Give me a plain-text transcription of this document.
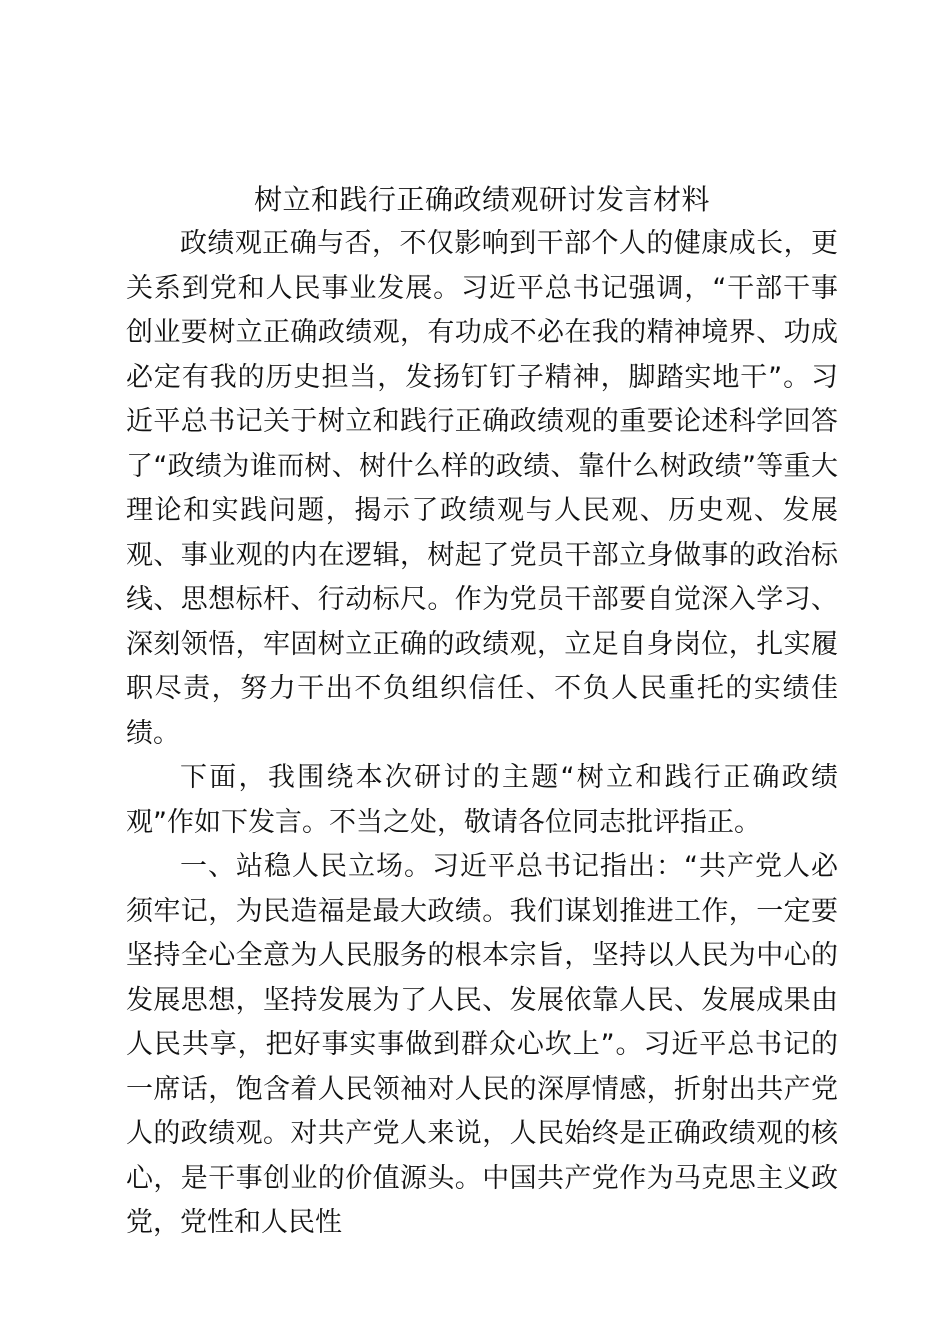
树立和践行正确政绩观研讨发言材料

政绩观正确与否，不仅影响到干部个人的健康成长，更关系到党和人民事业发展。习近平总书记强调，“干部干事创业要树立正确政绩观，有功成不必在我的精神境界、功成必定有我的历史担当，发扬钉钉子精神，脚踏实地干”。习近平总书记关于树立和践行正确政绩观的重要论述科学回答了“政绩为谁而树、树什么样的政绩、靠什么树政绩”等重大理论和实践问题，揭示了政绩观与人民观、历史观、发展观、事业观的内在逻辑，树起了党员干部立身做事的政治标线、思想标杆、行动标尺。作为党员干部要自觉深入学习、深刻领悟，牢固树立正确的政绩观，立足自身岗位，扎实履职尽责，努力干出不负组织信任、不负人民重托的实绩佳绩。

下面，我围绕本次研讨的主题“树立和践行正确政绩观”作如下发言。不当之处，敬请各位同志批评指正。

一、站稳人民立场。习近平总书记指出：“共产党人必须牢记，为民造福是最大政绩。我们谋划推进工作，一定要坚持全心全意为人民服务的根本宗旨，坚持以人民为中心的发展思想，坚持发展为了人民、发展依靠人民、发展成果由人民共享，把好事实事做到群众心坎上”。习近平总书记的一席话，饱含着人民领袖对人民的深厚情感，折射出共产党人的政绩观。对共产党人来说，人民始终是正确政绩观的核心，是干事创业的价值源头。中国共产党作为马克思主义政党，党性和人民性
